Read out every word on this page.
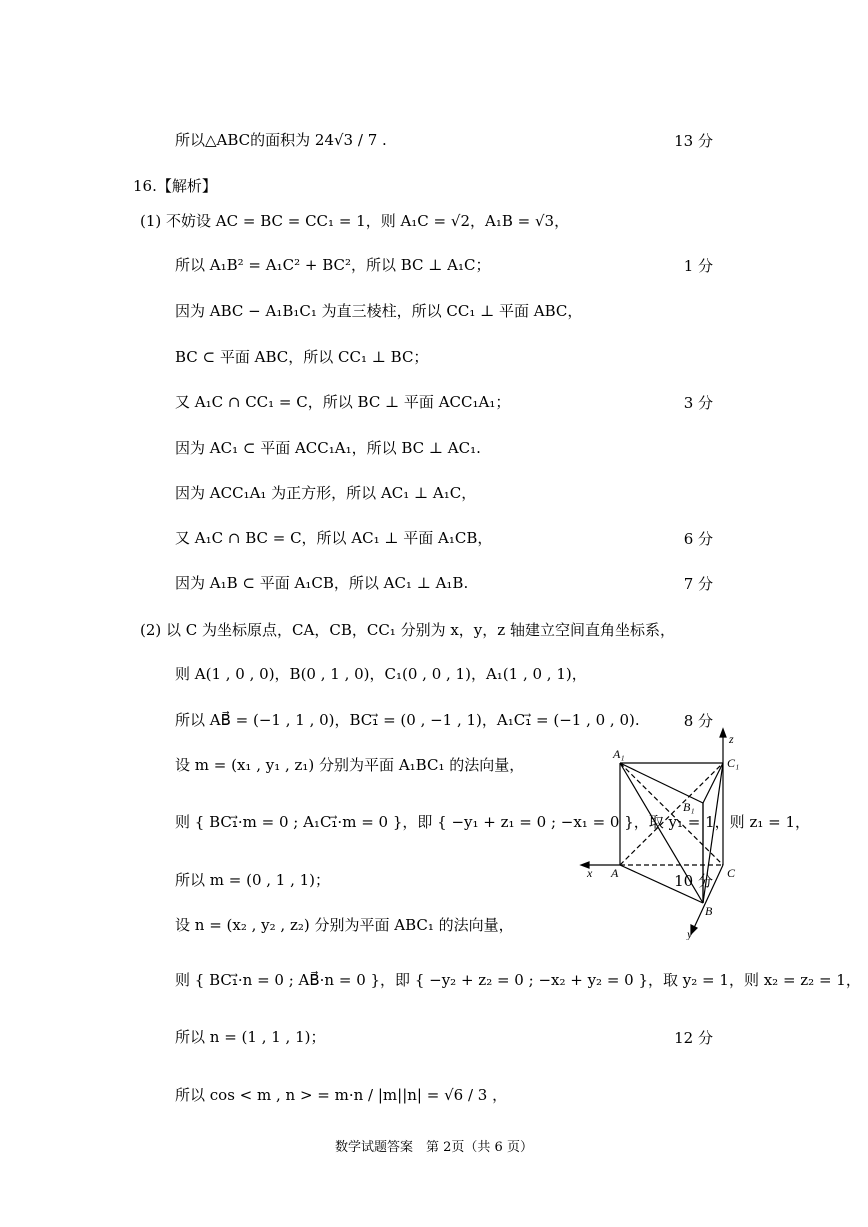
所以△ABC的面积为 24√3 / 7 .	13 分
16.【解析】
(1) 不妨设 AC = BC = CC₁ = 1，则 A₁C = √2，A₁B = √3，
所以 A₁B² = A₁C² + BC²，所以 BC ⊥ A₁C；	1 分
因为 ABC − A₁B₁C₁ 为直三棱柱，所以 CC₁ ⊥ 平面 ABC，
BC ⊂ 平面 ABC，所以 CC₁ ⊥ BC；
又 A₁C ∩ CC₁ = C，所以 BC ⊥ 平面 ACC₁A₁；	3 分
因为 AC₁ ⊂ 平面 ACC₁A₁，所以 BC ⊥ AC₁.
因为 ACC₁A₁ 为正方形，所以 AC₁ ⊥ A₁C，
又 A₁C ∩ BC = C，所以 AC₁ ⊥ 平面 A₁CB，	6 分
因为 A₁B ⊂ 平面 A₁CB，所以 AC₁ ⊥ A₁B.	7 分
(2) 以 C 为坐标原点，CA，CB，CC₁ 分别为 x，y，z 轴建立空间直角坐标系，
则 A(1 , 0 , 0)，B(0 , 1 , 0)，C₁(0 , 0 , 1)，A₁(1 , 0 , 1)，
所以 AB⃗ = (−1 , 1 , 0)，BC₁⃗ = (0 , −1 , 1)，A₁C₁⃗ = (−1 , 0 , 0).	8 分
设 m = (x₁ , y₁ , z₁) 分别为平面 A₁BC₁ 的法向量，
则 { BC₁⃗·m = 0 ; A₁C₁⃗·m = 0 }，即 { −y₁ + z₁ = 0 ; −x₁ = 0 }，取 y₁ = 1，则 z₁ = 1，
所以 m = (0 , 1 , 1)；	10 分
设 n = (x₂ , y₂ , z₂) 分别为平面 ABC₁ 的法向量，
则 { BC₁⃗·n = 0 ; AB⃗·n = 0 }，即 { −y₂ + z₂ = 0 ; −x₂ + y₂ = 0 }，取 y₂ = 1，则 x₂ = z₂ = 1，
所以 n = (1 , 1 , 1)；	12 分
所以 cos < m , n > = m·n / |m||n| = √6 / 3 ，
A₁
C₁
B₁
A	C
B
x
y
z
数学试题答案　第 2页（共 6 页）
